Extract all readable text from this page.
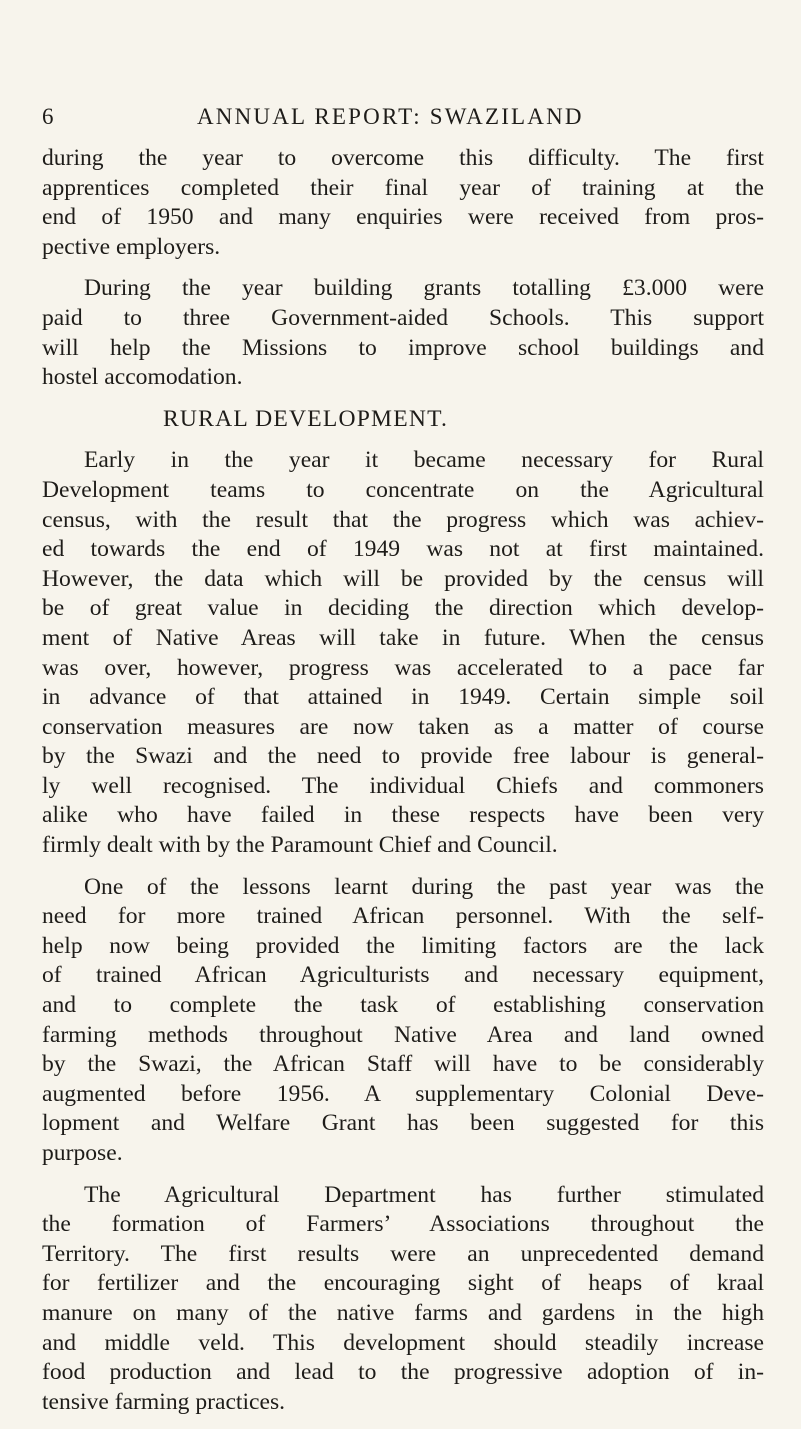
6	ANNUAL REPORT: SWAZILAND
during the year to overcome this difficulty. The first
apprentices completed their final year of training at the
end of 1950 and many enquiries were received from pros-
pective employers.
During the year building grants totalling £3.000 were
paid to three Government-aided Schools. This support
will help the Missions to improve school buildings and
hostel accomodation.
RURAL DEVELOPMENT.
Early in the year it became necessary for Rural
Development teams to concentrate on the Agricultural
census, with the result that the progress which was achiev-
ed towards the end of 1949 was not at first maintained.
However, the data which will be provided by the census will
be of great value in deciding the direction which develop-
ment of Native Areas will take in future. When the census
was over, however, progress was accelerated to a pace far
in advance of that attained in 1949. Certain simple soil
conservation measures are now taken as a matter of course
by the Swazi and the need to provide free labour is general-
ly well recognised. The individual Chiefs and commoners
alike who have failed in these respects have been very
firmly dealt with by the Paramount Chief and Council.
One of the lessons learnt during the past year was the
need for more trained African personnel. With the self-
help now being provided the limiting factors are the lack
of trained African Agriculturists and necessary equipment,
and to complete the task of establishing conservation
farming methods throughout Native Area and land owned
by the Swazi, the African Staff will have to be considerably
augmented before 1956. A supplementary Colonial Deve-
lopment and Welfare Grant has been suggested for this
purpose.
The Agricultural Department has further stimulated
the formation of Farmers’ Associations throughout the
Territory. The first results were an unprecedented demand
for fertilizer and the encouraging sight of heaps of kraal
manure on many of the native farms and gardens in the high
and middle veld. This development should steadily increase
food production and lead to the progressive adoption of in-
tensive farming practices.
